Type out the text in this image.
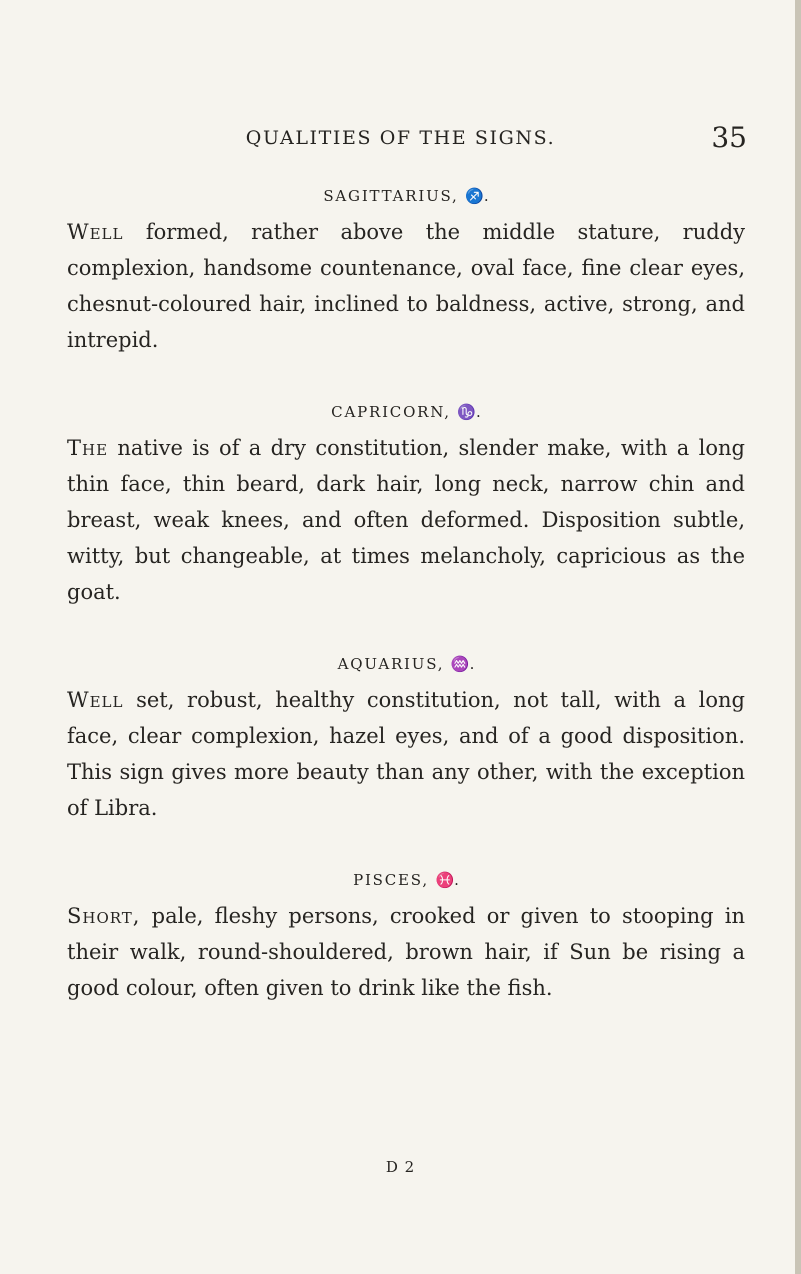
QUALITIES OF THE SIGNS.	35
SAGITTARIUS, ♐.

Well formed, rather above the middle stature, ruddy complexion, handsome countenance, oval face, fine clear eyes, chesnut-coloured hair, inclined to baldness, active, strong, and intrepid.

CAPRICORN, ♑.

The native is of a dry constitution, slender make, with a long thin face, thin beard, dark hair, long neck, narrow chin and breast, weak knees, and often deformed. Disposition subtle, witty, but changeable, at times melancholy, capricious as the goat.

AQUARIUS, ♒.

Well set, robust, healthy constitution, not tall, with a long face, clear complexion, hazel eyes, and of a good disposition. This sign gives more beauty than any other, with the exception of Libra.

PISCES, ♓.

Short, pale, fleshy persons, crooked or given to stooping in their walk, round-shouldered, brown hair, if Sun be rising a good colour, often given to drink like the fish.

D 2
